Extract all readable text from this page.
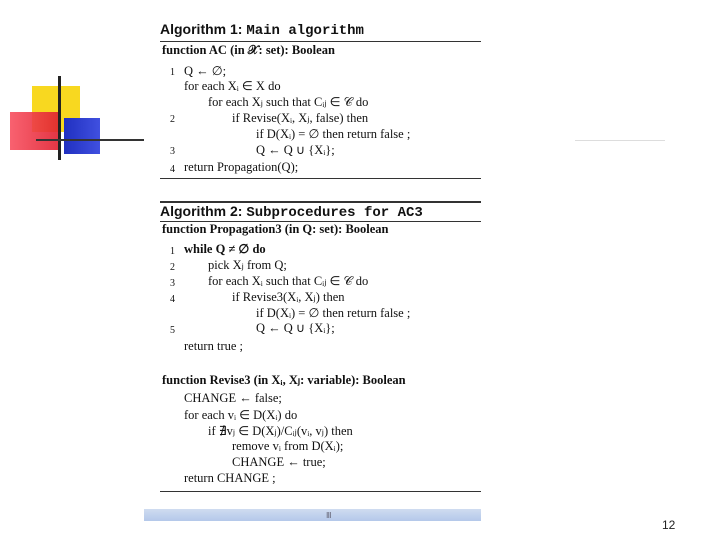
Algorithm 1: Main algorithm
function AC (in 𝒳: set): Boolean
1 Q ← ∅;
for each Xᵢ ∈ X do
for each Xⱼ such that Cᵢⱼ ∈ 𝒞 do
2	if Revise(Xᵢ, Xⱼ, false) then
if D(Xᵢ) = ∅ then return false ;
3	Q ← Q ∪ {Xᵢ};
4 return Propagation(Q);
Algorithm 2: Subprocedures for AC3
function Propagation3 (in Q: set): Boolean
1 while Q ≠ ∅ do
2	pick Xⱼ from Q;
3	for each Xᵢ such that Cᵢⱼ ∈ 𝒞 do
4	if Revise3(Xᵢ, Xⱼ) then
if D(Xᵢ) = ∅ then return false ;
5	Q ← Q ∪ {Xᵢ};
return true ;
function Revise3 (in Xᵢ, Xⱼ: variable): Boolean
CHANGE ← false;
for each vᵢ ∈ D(Xᵢ) do
if ∄vⱼ ∈ D(Xⱼ)/Cᵢⱼ(vᵢ, vⱼ) then
remove vᵢ from D(Xᵢ);
CHANGE ← true;
return CHANGE ;
Ⅲ
12
